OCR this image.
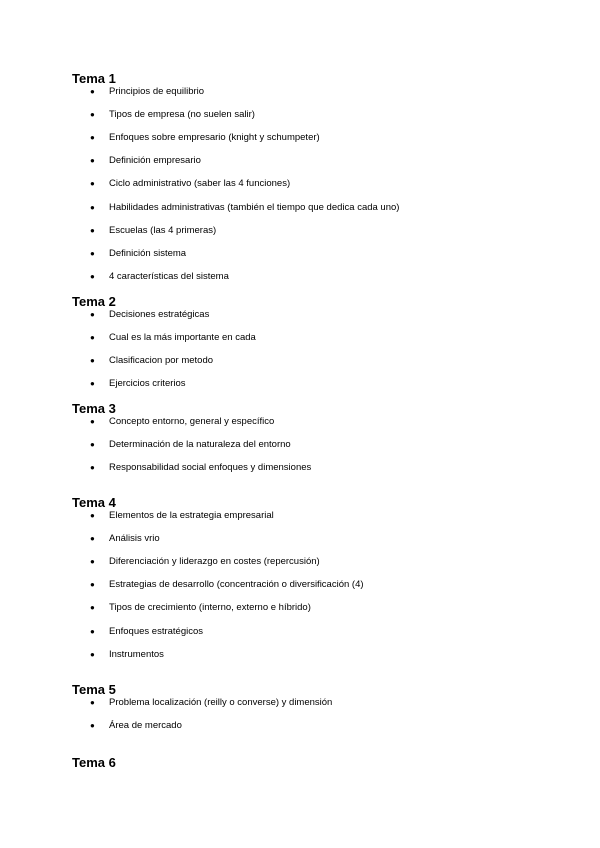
Tema 1
● Principios de equilibrio
● Tipos de empresa (no suelen salir)
● Enfoques sobre empresario (knight y schumpeter)
● Definición empresario
● Ciclo administrativo (saber las 4 funciones)
● Habilidades administrativas (también el tiempo que dedica cada uno)
● Escuelas (las 4 primeras)
● Definición sistema
● 4 características del sistema
Tema 2
● Decisiones estratégicas
● Cual es la más importante en cada
● Clasificacion por metodo
● Ejercicios criterios
Tema 3
● Concepto entorno, general y específico
● Determinación de la naturaleza del entorno
● Responsabilidad social enfoques y dimensiones
Tema 4
● Elementos de la estrategia empresarial
● Análisis vrio
● Diferenciación y liderazgo en costes (repercusión)
● Estrategias de desarrollo (concentración o diversificación (4)
● Tipos de crecimiento (interno, externo e híbrido)
● Enfoques estratégicos
● Instrumentos
Tema 5
● Problema localización (reilly o converse) y dimensión
● Área de mercado
Tema 6
